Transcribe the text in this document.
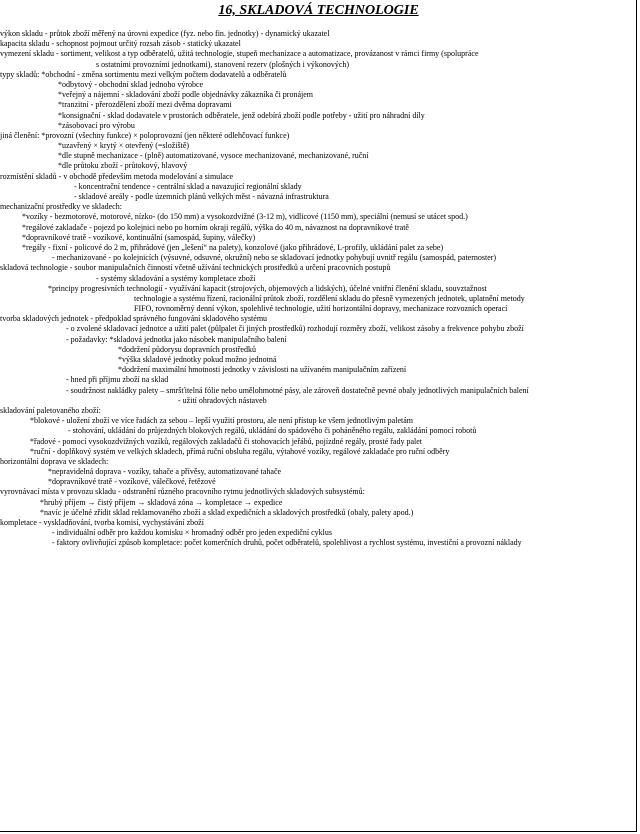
16, SKLADOVÁ TECHNOLOGIE
výkon skladu - průtok zboží měřený na úrovni expedice (fyz. nebo fin. jednotky) - dynamický ukazatel
kapacita skladu - schopnost pojmout určitý rozsah zásob - statický ukazatel
vymezení skladu - sortiment, velikost a typ odběratelů, užitá technologie, stupeň mechanizace a automatizace, provázanost v rámci firmy (spolupráce
s ostatními provozními jednotkami), stanovení rezerv (plošných i výkonových)
typy skladů: *obchodní - změna sortimentu mezi velkým počtem dodavatelů a odběratelů
*odbytový - obchodní sklad jednoho výrobce
*veřejný a nájemní - skladování zboží podle objednávky zákazníka či pronájem
*tranzitní - přerozdělení zboží mezi dvěma dopravami
*konsignační - sklad dodavatele v prostorách odběratele, jenž odebírá zboží podle potřeby - užití pro náhradní díly
*zásobovací pro výrobu
jiná členění: *provozní (všechny funkce) × poloprovozní (jen některé odlehčovací funkce)
*uzavřený × krytý × otevřený (=složiště)
*dle stupně mechanizace - (plně) automatizované, vysoce mechanizované, mechanizované, ruční
*dle průtoku zboží - průtokový, hlavový
rozmístění skladů - v obchodě především metoda modelování a simulace
- koncentrační tendence - centrální sklad a navazující regionální sklady
- skladové areály - podle územních plánů velkých měst - návazná infrastruktura
mechanizační prostředky ve skladech:
*vozíky - bezmotorové, motorové, nízko- (do 150 mm) a vysokozdvižné (3-12 m), vidlicové (1150 mm), speciální (nemusí se utácet spod.)
*regálové zakladače - pojezd po kolejnici nebo po horním okraji regálů, výška do 40 m, návaznost na dopravníkové tratě
*dopravníkové tratě - vozíkové, kontinuální (samospád, šupiny, válečky)
*regály - fixní - policové do 2 m, přihrádové (jen „lešení“ na palety), konzolové (jako přihrádové, L-profily, ukládání palet za sebe)
- mechanizované - po kolejnicích (výsuvné, odsuvné, okružní) nebo se skladovací jednotky pohybují uvnitř regálu (samospád, paternoster)
skladová technologie - soubor manipulačních činností včetně užívání technických prostředků a určení pracovních postupů
- systémy skladování a systémy kompletace zboží
*principy progresivních technologií - využívání kapacit (strojových, objemových a lidských), účelné vnitřní členění skladu, souvztažnost
technologie a systému řízení, racionální průtok zboží, rozdělení skladu do přesně vymezených jednotek, uplatnění metody
FIFO, rovnoměrný denní výkon, spolehlivé technologie, užití horizontální dopravy, mechanizace rozvozních operací
tvorba skladových jednotek - předpoklad správného fungování skladového systému
- o zvolené skladovací jednotce a užití palet (půlpalet či jiných prostředků) rozhodují rozměry zboží, velikost zásoby a frekvence pohybu zboží
- požadavky: *skladová jednotka jako násobek manipulačního balení
*dodržení půdorysu dopravních prostředků
*výška skladové jednotky pokud možno jednotná
*dodržení maximální hmotnosti jednotky v závislosti na užívaném manipulačním zařízení
- hned při příjmu zboží na sklad
- soudržnost nakládky palety – smršťitelná fólie nebo umělohmotné pásy, ale zároveň dostatečně pevné obaly jednotlivých manipulačních balení
- užití ohradových nástaveb
skladování paletovaného zboží:
*blokové - uložení zboží ve více řadách za sebou – lepší využití prostoru, ale není přístup ke všem jednotlivým paletám
- stohování, ukládání do průjezdných blokových regálů, ukládání do spádového či poháněného regálu, zakládání pomocí robotů
*řadové - pomocí vysokozdvižných vozíků, regálových zakladačů či stohovacích jeřábů, pojízdné regály, prosté řady palet
*ruční - doplňkový systém ve velkých skladech, přímá ruční obsluha regálu, výtahové vozíky, regálové zakladače pro ruční odběry
horizontální doprava ve skladech:
*nepravidelná doprava - vozíky, tahače a přívěsy, automatizované tahače
*dopravníkové tratě - vozíkové, válečkové, řetězové
vyrovnávací místa v provozu skladu - odstranění různého pracovního rytmu jednotlivých skladových subsystémů:
*hrubý příjem → čistý příjem → skladová zóna → kompletace → expedice
*navíc je účelné zřídit sklad reklamovaného zboží a sklad expedičních a skladových prostředků (obaly, palety apod.)
kompletace - vyskladňování, tvorba komisí, vychystávání zboží
- individuální odběr pro každou komisku × hromadný odběr pro jeden expediční cyklus
- faktory ovlivňující způsob kompletace: počet komerčních druhů, počet odběratelů, spolehlivost a rychlost systému, investiční a provozní náklady
